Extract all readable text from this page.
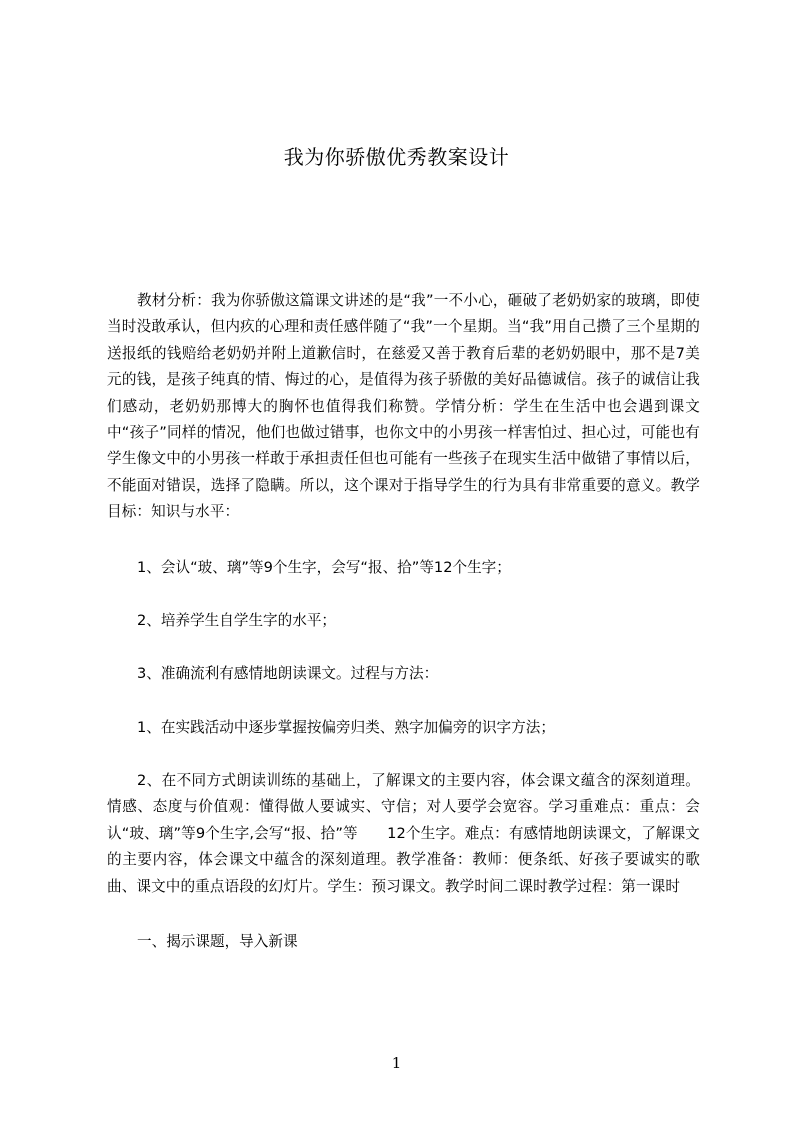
我为你骄傲优秀教案设计

教材分析：我为你骄傲这篇课文讲述的是“我”一不小心，砸破了老奶奶家的玻璃，即使当时没敢承认，但内疚的心理和责任感伴随了“我”一个星期。当“我”用自己攒了三个星期的送报纸的钱赔给老奶奶并附上道歉信时，在慈爱又善于教育后辈的老奶奶眼中，那不是7美元的钱，是孩子纯真的情、悔过的心，是值得为孩子骄傲的美好品德诚信。孩子的诚信让我们感动，老奶奶那博大的胸怀也值得我们称赞。学情分析：学生在生活中也会遇到课文中“孩子”同样的情况，他们也做过错事，也你文中的小男孩一样害怕过、担心过，可能也有学生像文中的小男孩一样敢于承担责任但也可能有一些孩子在现实生活中做错了事情以后，不能面对错误，选择了隐瞒。所以，这个课对于指导学生的行为具有非常重要的意义。教学目标：知识与水平：

1、会认“玻、璃”等9个生字，会写“报、拾”等12个生字；

2、培养学生自学生字的水平；

3、准确流利有感情地朗读课文。过程与方法：

1、在实践活动中逐步掌握按偏旁归类、熟字加偏旁的识字方法；

2、在不同方式朗读训练的基础上，了解课文的主要内容，体会课文蕴含的深刻道理。情感、态度与价值观：懂得做人要诚实、守信；对人要学会宽容。学习重难点：重点：会认“玻、璃”等9个生字,会写“报、拾”等　　12个生字。难点：有感情地朗读课文，了解课文的主要内容，体会课文中蕴含的深刻道理。教学准备：教师：便条纸、好孩子要诚实的歌曲、课文中的重点语段的幻灯片。学生：预习课文。教学时间二课时教学过程：第一课时

一、揭示课题，导入新课

1
